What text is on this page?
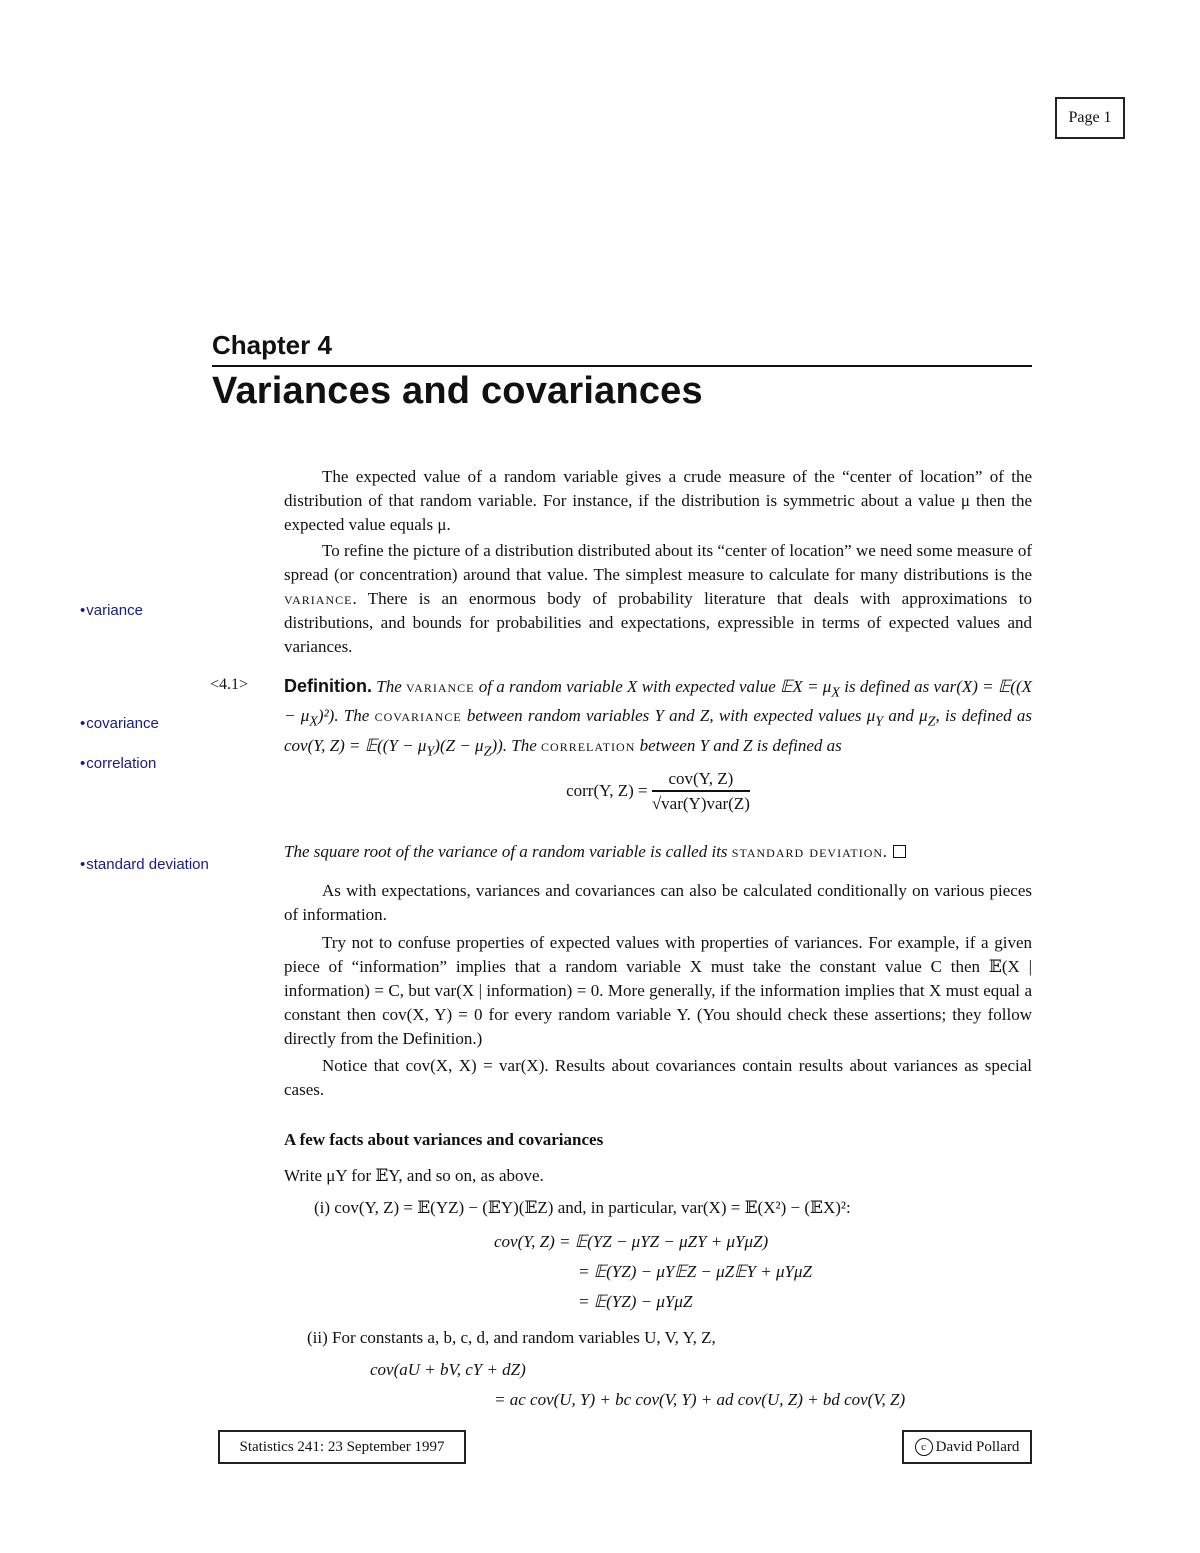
Page 1
Chapter 4
Variances and covariances
• variance
• covariance
• correlation
• standard deviation

The expected value of a random variable gives a crude measure of the “center of location” of the distribution of that random variable. For instance, if the distribution is symmetric about a value μ then the expected value equals μ.

To refine the picture of a distribution distributed about its “center of location” we need some measure of spread (or concentration) around that value. The simplest measure to calculate for many distributions is the variance. There is an enormous body of probability literature that deals with approximations to distributions, and bounds for probabilities and expectations, expressible in terms of expected values and variances.

<4.1> Definition. The variance of a random variable X with expected value 𝔼X = $\mu_X$ is defined as var(X) = 𝔼((X − $\mu_X)^2$). The covariance between random variables Y and Z, with expected values $\mu_Y$ and $\mu_Z$, is defined as cov(Y, Z) = 𝔼((Y − $\mu_Y)(Z - \mu_Z)$). The correlation between Y and Z is defined as

corr(Y, $Z) = \frac{\text{cov(Y, Z)}}{\text{√var(Y)var(Z)}}$

The square root of the variance of a random variable is called its standard deviation.

As with expectations, variances and covariances can also be calculated conditionally on various pieces of information.

Try not to confuse properties of expected values with properties of variances. For example, if a given piece of “information” implies that a random variable X must take the constant value C then 𝔼(X | information) = C, but var(X | information) = 0. More generally, if the information implies that X must equal a constant then cov(X, Y) = 0 for every random variable Y. (You should check these assertions; they follow directly from the Definition.)

Notice that cov(X, X) = var(X). Results about covariances contain results about variances as special cases.

A few facts about variances and covariances
Write μY for 𝔼Y, and so on, as above.
(i) cov(Y, Z) = 𝔼(YZ) − (𝔼Y)(𝔼Z) and, in particular, var(X) = 𝔼(X²) − (𝔼X)²:
cov(Y, Z) = 𝔼(YZ − μYZ − μZY + μYμZ)
= 𝔼(YZ) − μY𝔼Z − μZ𝔼Y + μYμZ
= 𝔼(YZ) − μYμZ
(ii) For constants a, b, c, d, and random variables U, V, Y, Z,
cov(aU + bV, cY + dZ)
= ac cov(U, Y) + bc cov(V, Y) + ad cov(U, Z) + bd cov(V, Z)
Statistics 241: 23 September 1997	c David Pollard
